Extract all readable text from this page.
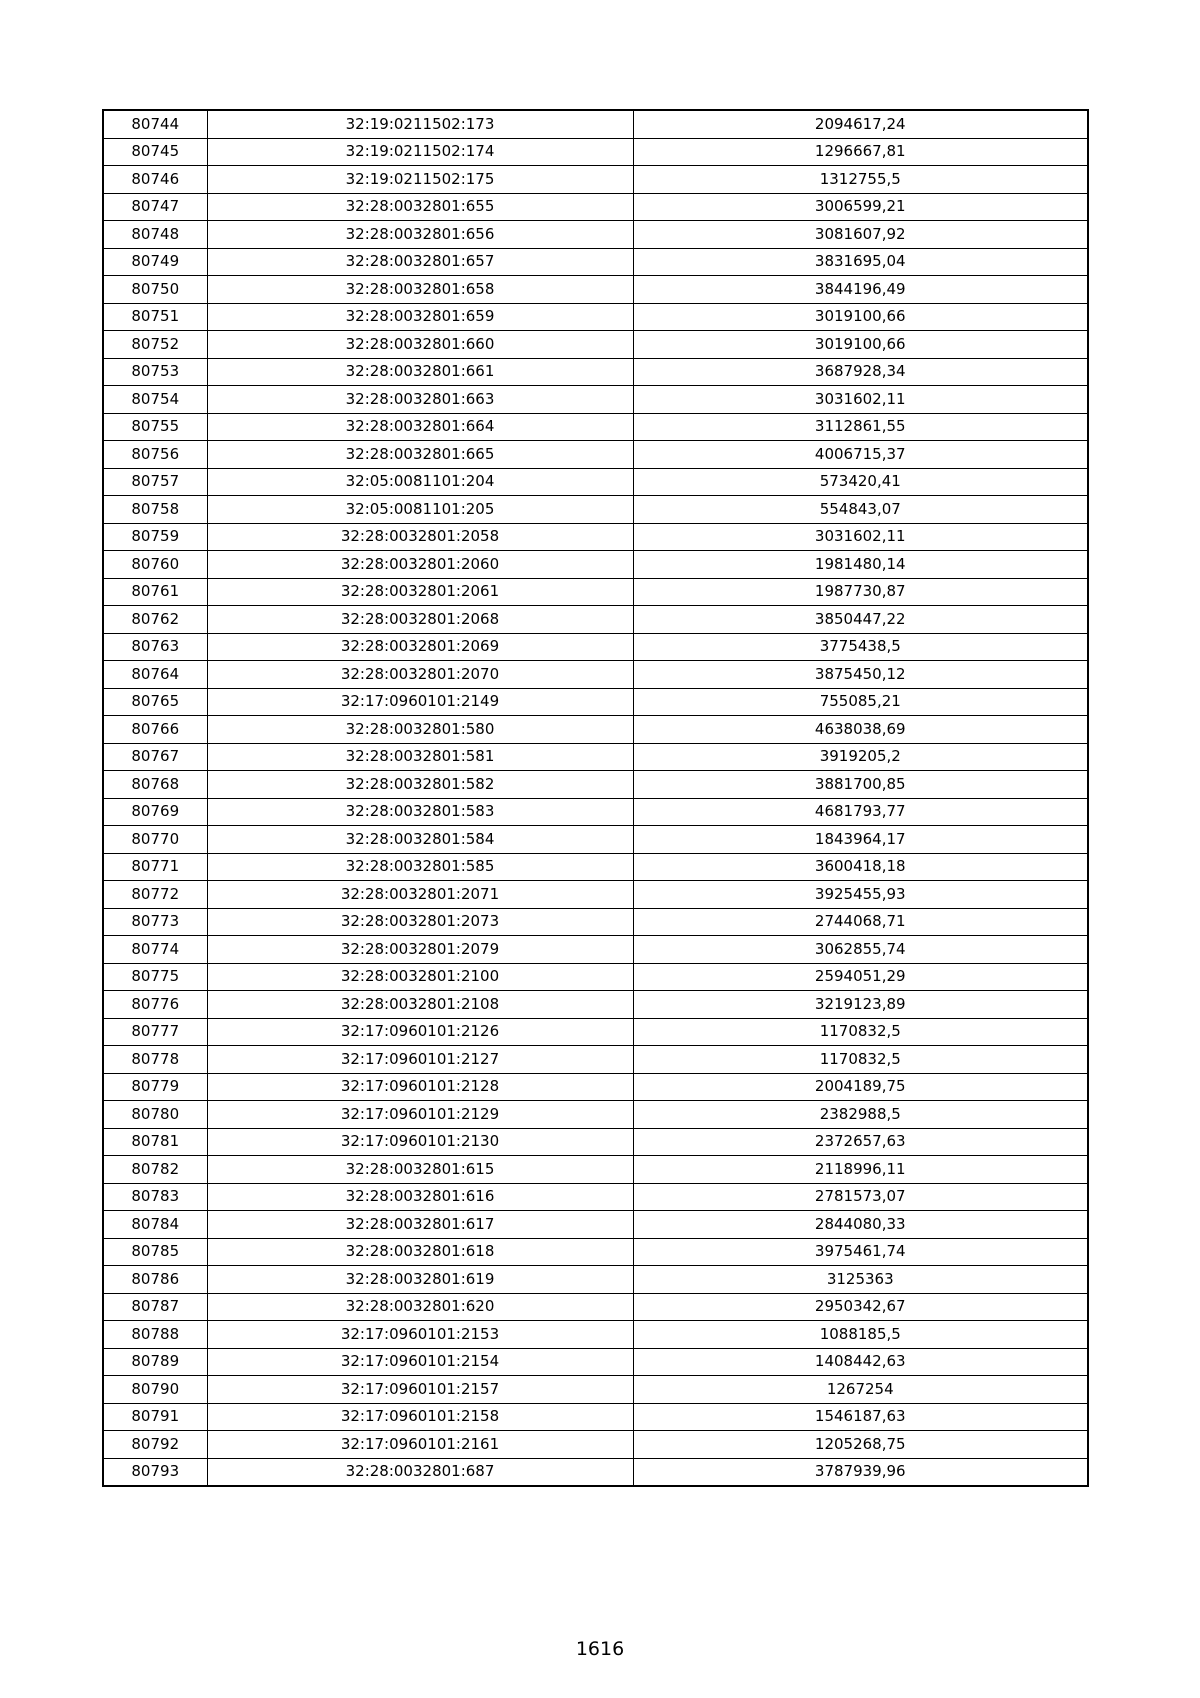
80744	32:19:0211502:173	2094617,24
80745	32:19:0211502:174	1296667,81
80746	32:19:0211502:175	1312755,5
80747	32:28:0032801:655	3006599,21
80748	32:28:0032801:656	3081607,92
80749	32:28:0032801:657	3831695,04
80750	32:28:0032801:658	3844196,49
80751	32:28:0032801:659	3019100,66
80752	32:28:0032801:660	3019100,66
80753	32:28:0032801:661	3687928,34
80754	32:28:0032801:663	3031602,11
80755	32:28:0032801:664	3112861,55
80756	32:28:0032801:665	4006715,37
80757	32:05:0081101:204	573420,41
80758	32:05:0081101:205	554843,07
80759	32:28:0032801:2058	3031602,11
80760	32:28:0032801:2060	1981480,14
80761	32:28:0032801:2061	1987730,87
80762	32:28:0032801:2068	3850447,22
80763	32:28:0032801:2069	3775438,5
80764	32:28:0032801:2070	3875450,12
80765	32:17:0960101:2149	755085,21
80766	32:28:0032801:580	4638038,69
80767	32:28:0032801:581	3919205,2
80768	32:28:0032801:582	3881700,85
80769	32:28:0032801:583	4681793,77
80770	32:28:0032801:584	1843964,17
80771	32:28:0032801:585	3600418,18
80772	32:28:0032801:2071	3925455,93
80773	32:28:0032801:2073	2744068,71
80774	32:28:0032801:2079	3062855,74
80775	32:28:0032801:2100	2594051,29
80776	32:28:0032801:2108	3219123,89
80777	32:17:0960101:2126	1170832,5
80778	32:17:0960101:2127	1170832,5
80779	32:17:0960101:2128	2004189,75
80780	32:17:0960101:2129	2382988,5
80781	32:17:0960101:2130	2372657,63
80782	32:28:0032801:615	2118996,11
80783	32:28:0032801:616	2781573,07
80784	32:28:0032801:617	2844080,33
80785	32:28:0032801:618	3975461,74
80786	32:28:0032801:619	3125363
80787	32:28:0032801:620	2950342,67
80788	32:17:0960101:2153	1088185,5
80789	32:17:0960101:2154	1408442,63
80790	32:17:0960101:2157	1267254
80791	32:17:0960101:2158	1546187,63
80792	32:17:0960101:2161	1205268,75
80793	32:28:0032801:687	3787939,96
1616
